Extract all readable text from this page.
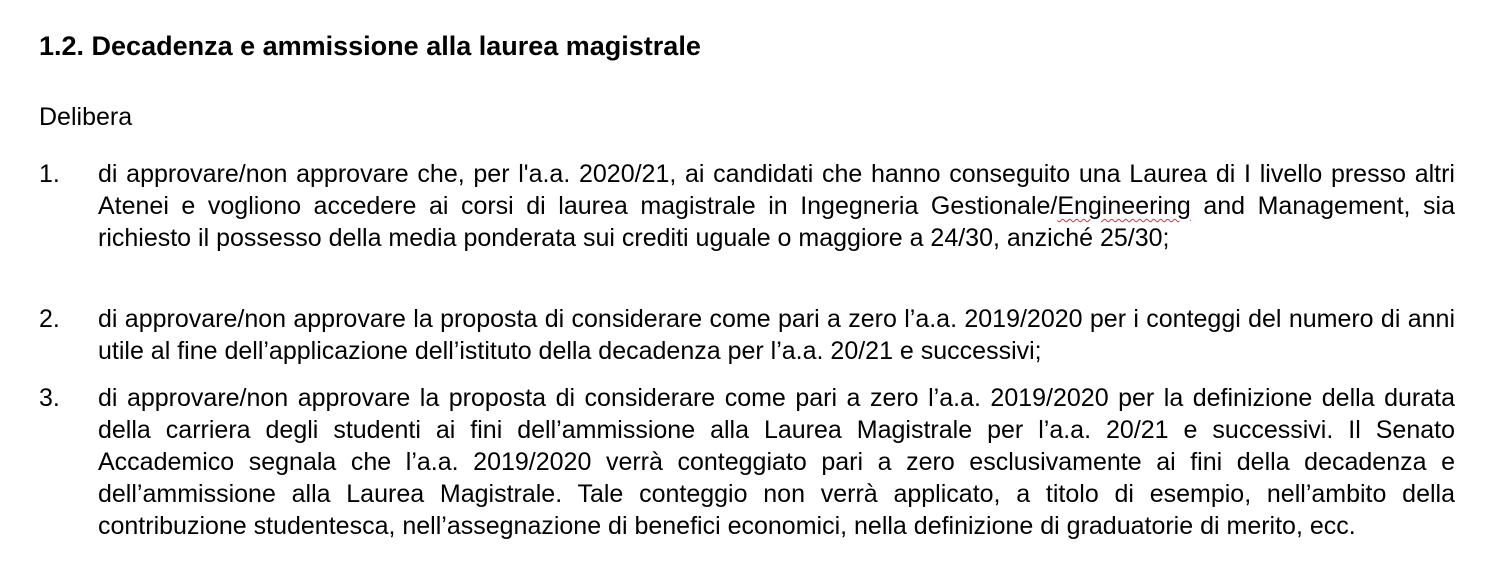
1.2. Decadenza e ammissione alla laurea magistrale

Delibera

1. di approvare/non approvare che, per l'a.a. 2020/21, ai candidati che hanno conseguito una Laurea di I livello presso altri Atenei e vogliono accedere ai corsi di laurea magistrale in Ingegneria Gestionale/Engineering and Management, sia richiesto il possesso della media ponderata sui crediti uguale o maggiore a 24/30, anziché 25/30;

2. di approvare/non approvare la proposta di considerare come pari a zero l’a.a. 2019/2020 per i conteggi del numero di anni utile al fine dell’applicazione dell’istituto della decadenza per l’a.a. 20/21 e successivi;

3. di approvare/non approvare la proposta di considerare come pari a zero l’a.a. 2019/2020 per la definizione della durata della carriera degli studenti ai fini dell’ammissione alla Laurea Magistrale per l’a.a. 20/21 e successivi. Il Senato Accademico segnala che l’a.a. 2019/2020 verrà conteggiato pari a zero esclusivamente ai fini della decadenza e dell’ammissione alla Laurea Magistrale. Tale conteggio non verrà applicato, a titolo di esempio, nell’ambito della contribuzione studentesca, nell’assegnazione di benefici economici, nella definizione di graduatorie di merito, ecc.
